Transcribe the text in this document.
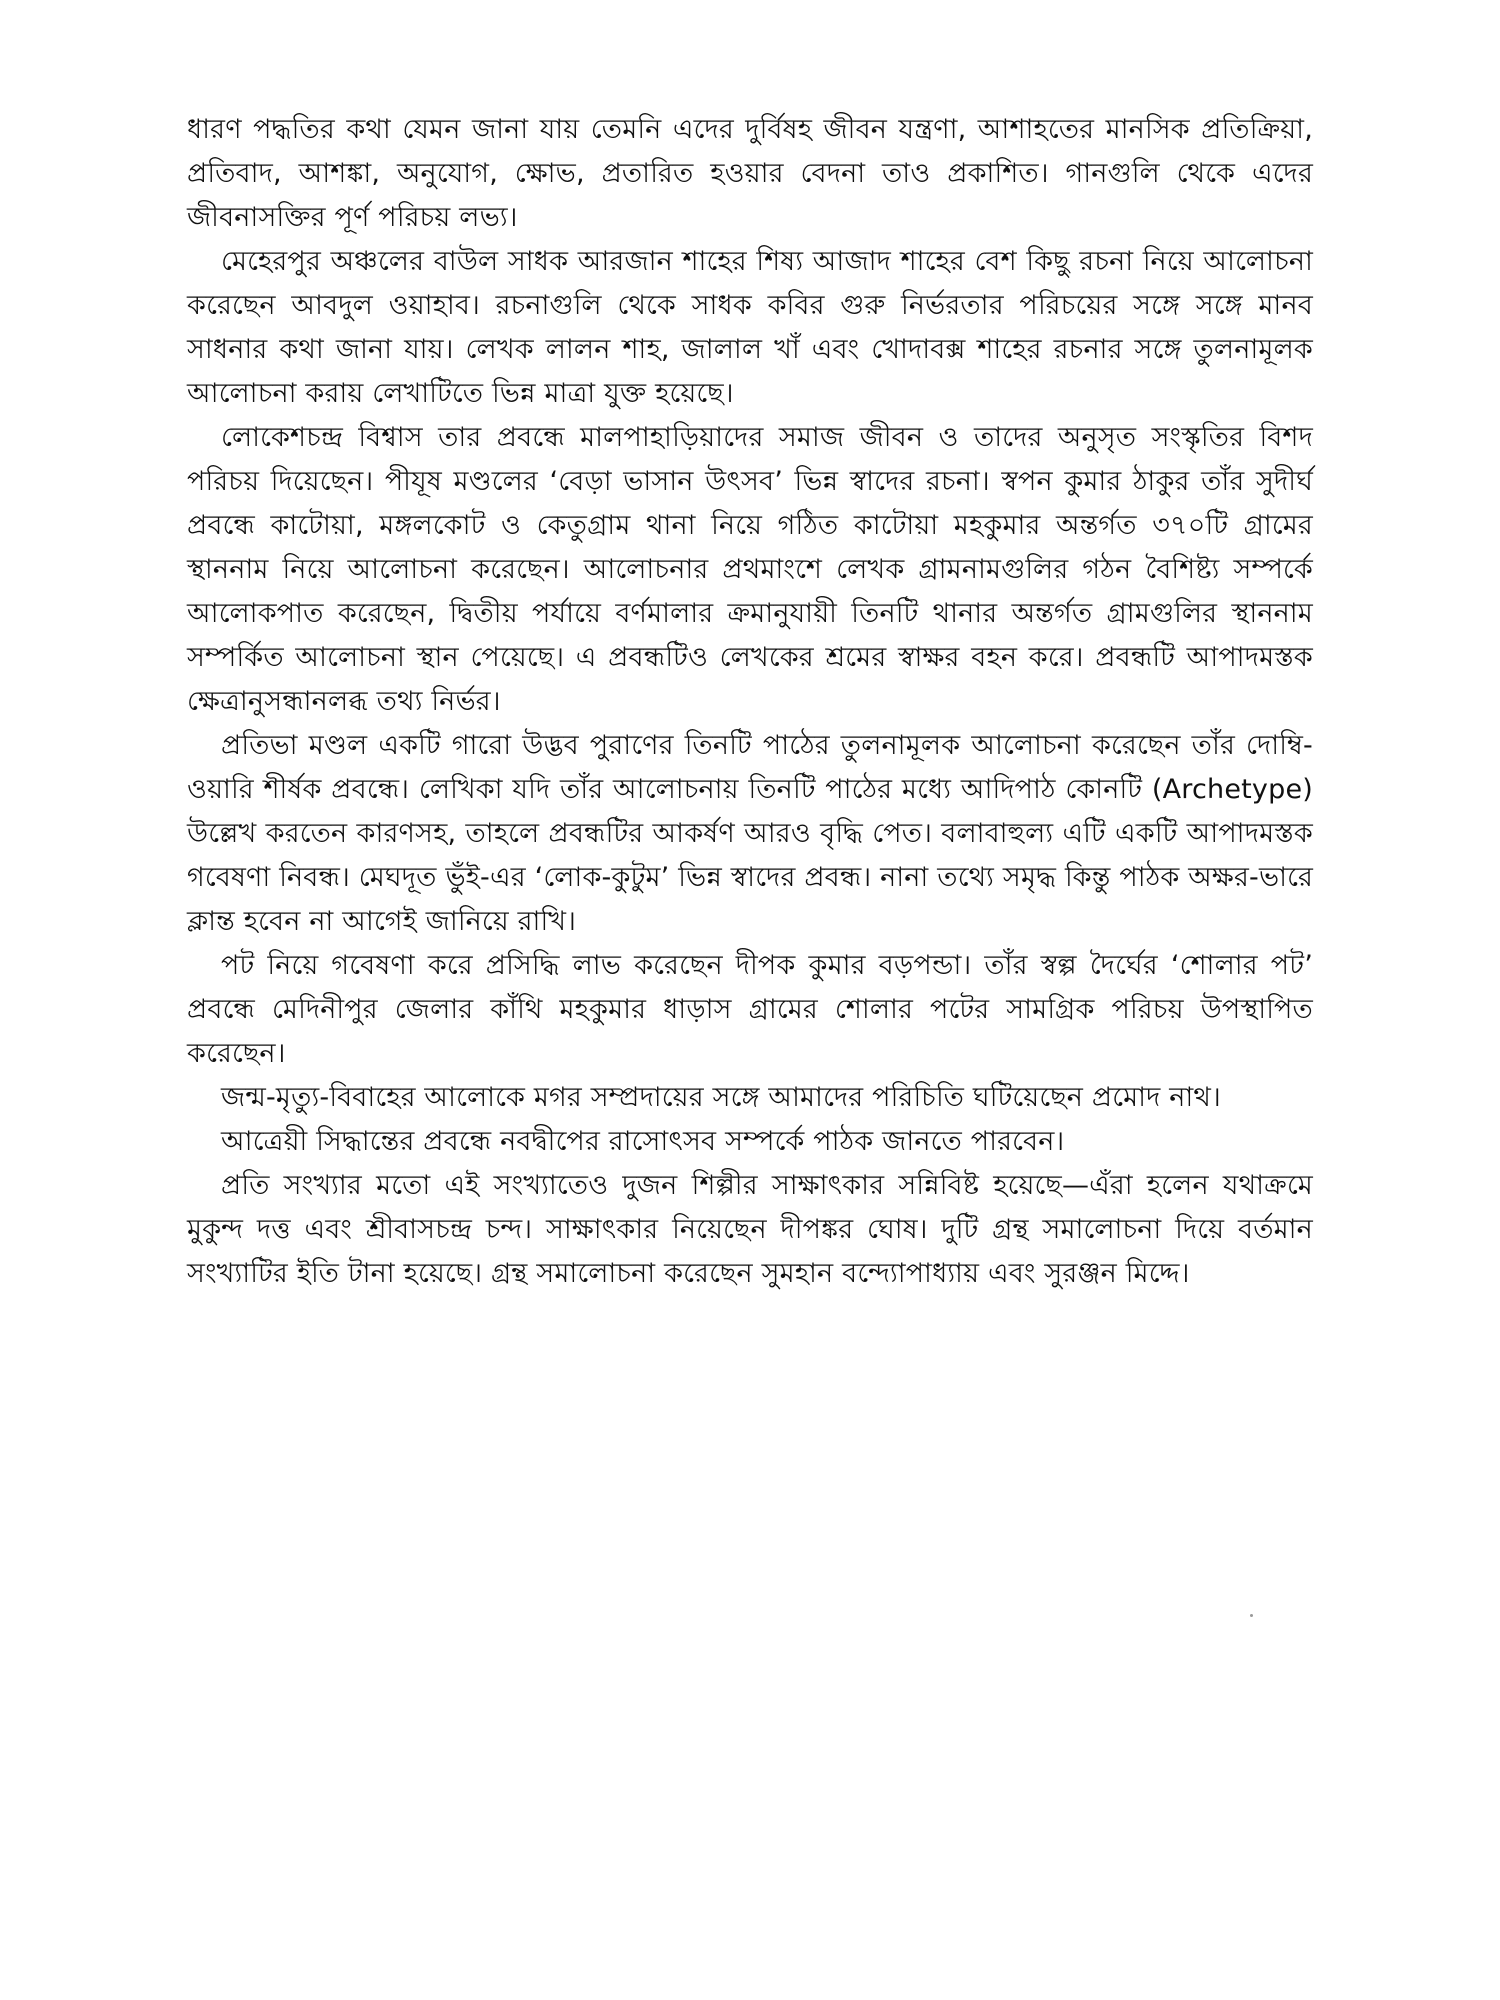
ধারণ পদ্ধতির কথা যেমন জানা যায় তেমনি এদের দুর্বিষহ জীবন যন্ত্রণা, আশাহতের মানসিক প্রতিক্রিয়া, প্রতিবাদ, আশঙ্কা, অনুযোগ, ক্ষোভ, প্রতারিত হওয়ার বেদনা তাও প্রকাশিত। গানগুলি থেকে এদের জীবনাসক্তির পূর্ণ পরিচয় লভ্য।

মেহেরপুর অঞ্চলের বাউল সাধক আরজান শাহের শিষ্য আজাদ শাহের বেশ কিছু রচনা নিয়ে আলোচনা করেছেন আবদুল ওয়াহাব। রচনাগুলি থেকে সাধক কবির গুরু নির্ভরতার পরিচয়ের সঙ্গে সঙ্গে মানব সাধনার কথা জানা যায়। লেখক লালন শাহ, জালাল খাঁ এবং খোদাবক্স শাহের রচনার সঙ্গে তুলনামূলক আলোচনা করায় লেখাটিতে ভিন্ন মাত্রা যুক্ত হয়েছে।

লোকেশচন্দ্র বিশ্বাস তার প্রবন্ধে মালপাহাড়িয়াদের সমাজ জীবন ও তাদের অনুসৃত সংস্কৃতির বিশদ পরিচয় দিয়েছেন। পীযূষ মণ্ডলের ‘বেড়া ভাসান উৎসব’ ভিন্ন স্বাদের রচনা। স্বপন কুমার ঠাকুর তাঁর সুদীর্ঘ প্রবন্ধে কাটোয়া, মঙ্গলকোট ও কেতুগ্রাম থানা নিয়ে গঠিত কাটোয়া মহকুমার অন্তর্গত ৩৭০টি গ্রামের স্থাননাম নিয়ে আলোচনা করেছেন। আলোচনার প্রথমাংশে লেখক গ্রামনামগুলির গঠন বৈশিষ্ট্য সম্পর্কে আলোকপাত করেছেন, দ্বিতীয় পর্যায়ে বর্ণমালার ক্রমানুযায়ী তিনটি থানার অন্তর্গত গ্রামগুলির স্থাননাম সম্পর্কিত আলোচনা স্থান পেয়েছে। এ প্রবন্ধটিও লেখকের শ্রমের স্বাক্ষর বহন করে। প্রবন্ধটি আপাদমস্তক ক্ষেত্রানুসন্ধানলব্ধ তথ্য নির্ভর।

প্রতিভা মণ্ডল একটি গারো উদ্ভব পুরাণের তিনটি পাঠের তুলনামূলক আলোচনা করেছেন তাঁর দোম্বি-ওয়ারি শীর্ষক প্রবন্ধে। লেখিকা যদি তাঁর আলোচনায় তিনটি পাঠের মধ্যে আদিপাঠ কোনটি (Archetype) উল্লেখ করতেন কারণসহ, তাহলে প্রবন্ধটির আকর্ষণ আরও বৃদ্ধি পেত। বলাবাহুল্য এটি একটি আপাদমস্তক গবেষণা নিবন্ধ। মেঘদূত ভুঁই-এর ‘লোক-কুটুম’ ভিন্ন স্বাদের প্রবন্ধ। নানা তথ্যে সমৃদ্ধ কিন্তু পাঠক অক্ষর-ভারে ক্লান্ত হবেন না আগেই জানিয়ে রাখি।

পট নিয়ে গবেষণা করে প্রসিদ্ধি লাভ করেছেন দীপক কুমার বড়পন্ডা। তাঁর স্বল্প দৈর্ঘের ‘শোলার পট’ প্রবন্ধে মেদিনীপুর জেলার কাঁথি মহকুমার ধাড়াস গ্রামের শোলার পটের সামগ্রিক পরিচয় উপস্থাপিত করেছেন।

জন্ম-মৃত্যু-বিবাহের আলোকে মগর সম্প্রদায়ের সঙ্গে আমাদের পরিচিতি ঘটিয়েছেন প্রমোদ নাথ।

আত্রেয়ী সিদ্ধান্তের প্রবন্ধে নবদ্বীপের রাসোৎসব সম্পর্কে পাঠক জানতে পারবেন।

প্রতি সংখ্যার মতো এই সংখ্যাতেও দুজন শিল্পীর সাক্ষাৎকার সন্নিবিষ্ট হয়েছে—এঁরা হলেন যথাক্রমে মুকুন্দ দত্ত এবং শ্রীবাসচন্দ্র চন্দ। সাক্ষাৎকার নিয়েছেন দীপঙ্কর ঘোষ। দুটি গ্রন্থ সমালোচনা দিয়ে বর্তমান সংখ্যাটির ইতি টানা হয়েছে। গ্রন্থ সমালোচনা করেছেন সুমহান বন্দ্যোপাধ্যায় এবং সুরঞ্জন মিদ্দে।
